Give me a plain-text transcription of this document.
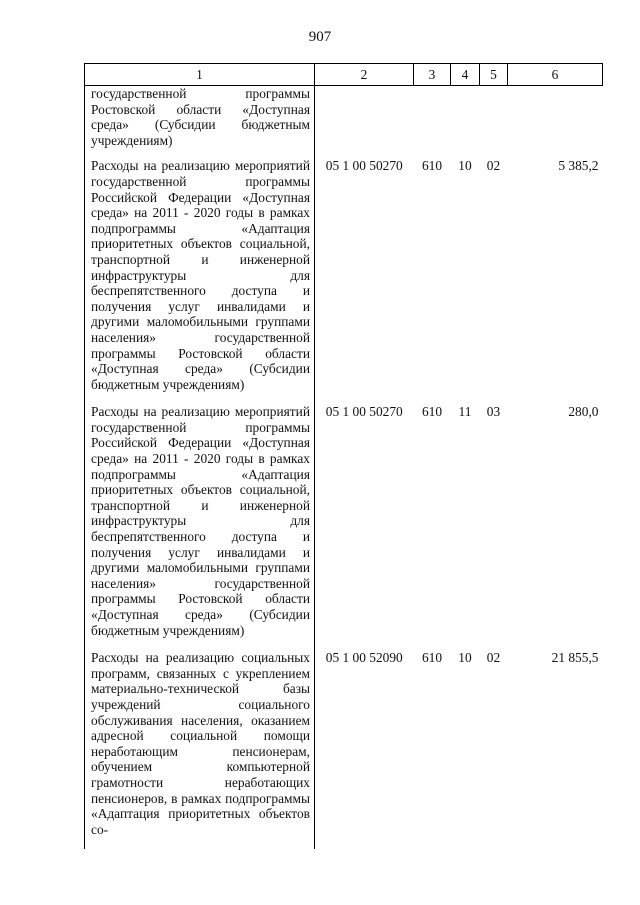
907
1	2	3	4	5	6
государственной программы Ростовской области «Доступная среда» (Субсидии бюджетным учреждениям)					
Расходы на реализацию мероприятий государственной программы Российской Федерации «Доступная среда» на 2011 - 2020 годы в рамках подпрограммы «Адаптация приоритетных объектов социальной, транспортной и инженерной инфраструктуры для беспрепятственного доступа и получения услуг инвалидами и другими маломобильными группами населения» государственной программы Ростовской области «Доступная среда» (Субсидии бюджетным учреждениям)	05 1 00 50270	610	10	02	5 385,2
Расходы на реализацию мероприятий государственной программы Российской Федерации «Доступная среда» на 2011 - 2020 годы в рамках подпрограммы «Адаптация приоритетных объектов социальной, транспортной и инженерной инфраструктуры для беспрепятственного доступа и получения услуг инвалидами и другими маломобильными группами населения» государственной программы Ростовской области «Доступная среда» (Субсидии бюджетным учреждениям)	05 1 00 50270	610	11	03	280,0
Расходы на реализацию социальных программ, связанных с укреплением материально-технической базы учреждений социального обслуживания населения, оказанием адресной социальной помощи неработающим пенсионерам, обучением компьютерной грамотности неработающих пенсионеров, в рамках подпрограммы «Адаптация приоритетных объектов со-	05 1 00 52090	610	10	02	21 855,5
